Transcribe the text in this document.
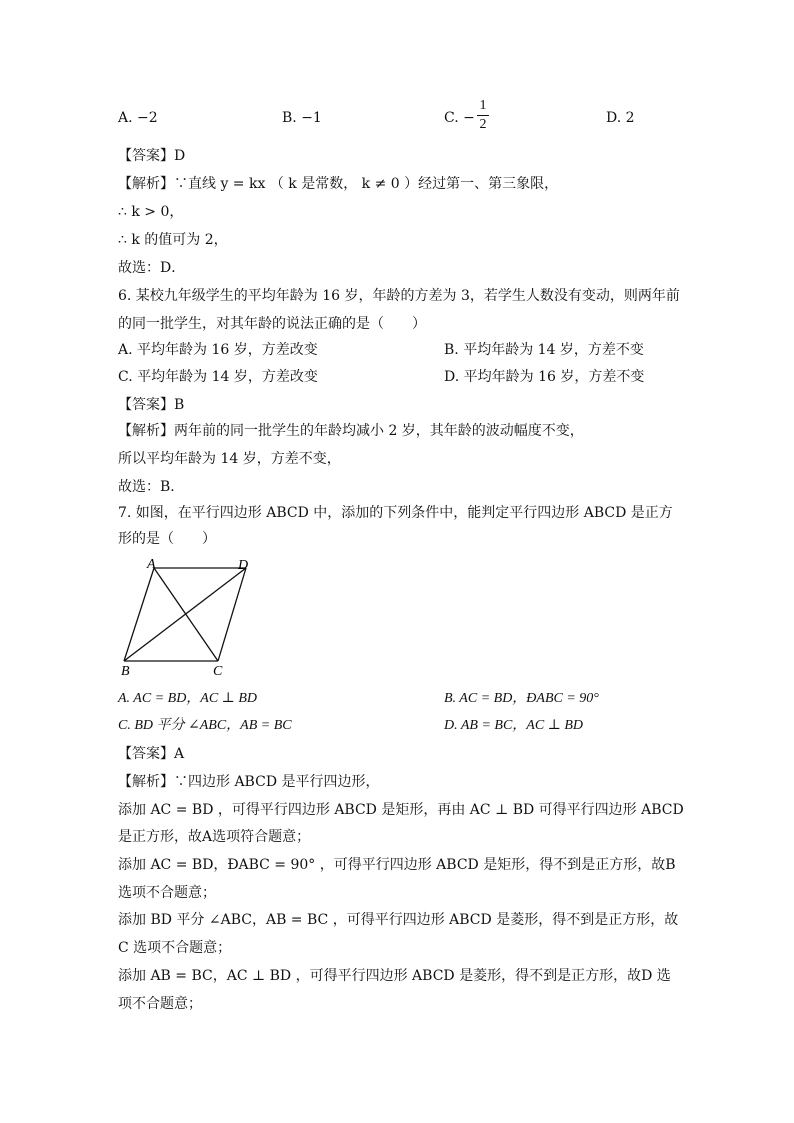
A. −2	B. −1	C. −
1
2	D. 2
【答案】D
【解析】∵直线 y = kx （ k 是常数， k ≠ 0 ）经过第一、第三象限，
∴ k > 0，
∴ k 的值可为 2，
故选：D．
6. 某校九年级学生的平均年龄为 16 岁，年龄的方差为 3，若学生人数没有变动，则两年前
的同一批学生，对其年龄的说法正确的是（　　）
A. 平均年龄为 16 岁，方差改变	B. 平均年龄为 14 岁，方差不变
C. 平均年龄为 14 岁，方差改变	D. 平均年龄为 16 岁，方差不变
【答案】B
【解析】两年前的同一批学生的年龄均减小 2 岁，其年龄的波动幅度不变，
所以平均年龄为 14 岁，方差不变，
故选：B．
7. 如图，在平行四边形 ABCD 中，添加的下列条件中，能判定平行四边形 ABCD 是正方
形的是（　　）
A	D
B	C
A. AC = BD，AC ⊥ BD	B. AC = BD，ÐABC = 90°
C. BD 平分 ∠ABC，AB = BC	D. AB = BC，AC ⊥ BD
【答案】A
【解析】∵四边形 ABCD 是平行四边形，
添加 AC = BD ，可得平行四边形 ABCD 是矩形，再由 AC ⊥ BD 可得平行四边形 ABCD
是正方形，故A选项符合题意；
添加 AC = BD，ÐABC = 90° ，可得平行四边形 ABCD 是矩形，得不到是正方形，故B
选项不合题意；
添加 BD 平分 ∠ABC，AB = BC ，可得平行四边形 ABCD 是菱形，得不到是正方形，故
C 选项不合题意；
添加 AB = BC，AC ⊥ BD ，可得平行四边形 ABCD 是菱形，得不到是正方形，故D 选
项不合题意；
